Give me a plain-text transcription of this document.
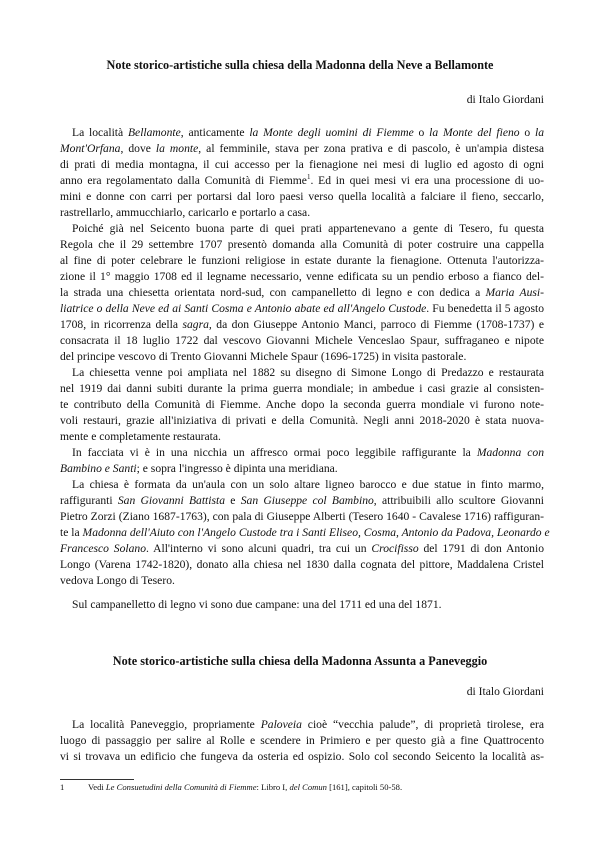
Note storico-artistiche sulla chiesa della Madonna della Neve a Bellamonte
di Italo Giordani
La località Bellamonte, anticamente la Monte degli uomini di Fiemme o la Monte del fieno o la
Mont'Orfana, dove la monte, al femminile, stava per zona prativa e di pascolo, è un'ampia distesa
di prati di media montagna, il cui accesso per la fienagione nei mesi di luglio ed agosto di ogni
anno era regolamentato dalla Comunità di Fiemme$^1$. Ed in quei mesi vi era una processione di uo-
mini e donne con carri per portarsi dal loro paesi verso quella località a falciare il fieno, seccarlo,
rastrellarlo, ammucchiarlo, caricarlo e portarlo a casa.
Poiché già nel Seicento buona parte di quei prati appartenevano a gente di Tesero, fu questa
Regola che il 29 settembre 1707 presentò domanda alla Comunità di poter costruire una cappella
al fine di poter celebrare le funzioni religiose in estate durante la fienagione. Ottenuta l'autorizza-
zione il 1° maggio 1708 ed il legname necessario, venne edificata su un pendio erboso a fianco del-
la strada una chiesetta orientata nord-sud, con campanelletto di legno e con dedica a Maria Ausi-
liatrice o della Neve ed ai Santi Cosma e Antonio abate ed all'Angelo Custode. Fu benedetta il 5 agosto
1708, in ricorrenza della sagra, da don Giuseppe Antonio Manci, parroco di Fiemme (1708-1737) e
consacrata il 18 luglio 1722 dal vescovo Giovanni Michele Venceslao Spaur, suffraganeo e nipote
del principe vescovo di Trento Giovanni Michele Spaur (1696-1725) in visita pastorale.
La chiesetta venne poi ampliata nel 1882 su disegno di Simone Longo di Predazzo e restaurata
nel 1919 dai danni subiti durante la prima guerra mondiale; in ambedue i casi grazie al consisten-
te contributo della Comunità di Fiemme. Anche dopo la seconda guerra mondiale vi furono note-
voli restauri, grazie all'iniziativa di privati e della Comunità. Negli anni 2018-2020 è stata nuova-
mente e completamente restaurata.
In facciata vi è in una nicchia un affresco ormai poco leggibile raffigurante la Madonna con
Bambino e Santi; e sopra l'ingresso è dipinta una meridiana.
La chiesa è formata da un'aula con un solo altare ligneo barocco e due statue in finto marmo,
raffiguranti San Giovanni Battista e San Giuseppe col Bambino, attribuibili allo scultore Giovanni
Pietro Zorzi (Ziano 1687-1763), con pala di Giuseppe Alberti (Tesero 1640 - Cavalese 1716) raffiguran-
te la Madonna dell'Aiuto con l'Angelo Custode tra i Santi Eliseo, Cosma, Antonio da Padova, Leonardo e
Francesco Solano. All'interno vi sono alcuni quadri, tra cui un Crocifisso del 1791 di don Antonio
Longo (Varena 1742-1820), donato alla chiesa nel 1830 dalla cognata del pittore, Maddalena Cristel
vedova Longo di Tesero.
Sul campanelletto di legno vi sono due campane: una del 1711 ed una del 1871.
Note storico-artistiche sulla chiesa della Madonna Assunta a Paneveggio
di Italo Giordani
La località Paneveggio, propriamente Paloveia cioè “vecchia palude”, di proprietà tirolese, era
luogo di passaggio per salire al Rolle e scendere in Primiero e per questo già a fine Quattrocento
vi si trovava un edificio che fungeva da osteria ed ospizio. Solo col secondo Seicento la località as-
1	Vedi Le Consuetudini della Comunità di Fiemme: Libro I, del Comun [161], capitoli 50-58.
